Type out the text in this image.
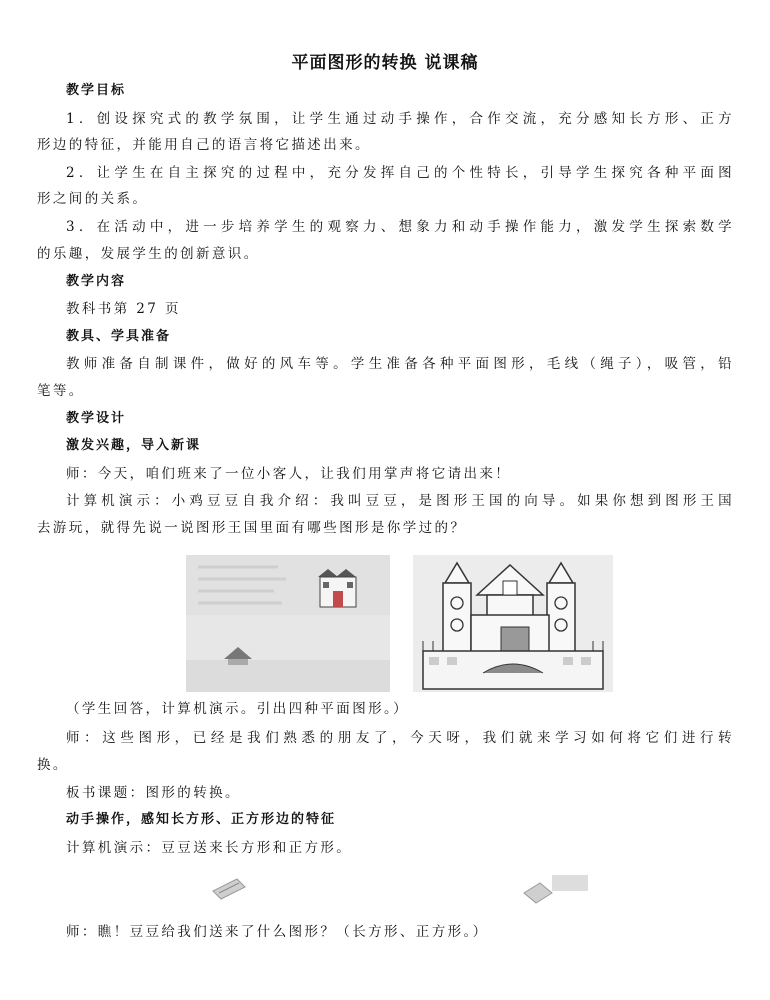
平面图形的转换 说课稿
教学目标
1．创设探究式的教学氛围，让学生通过动手操作，合作交流，充分感知长方形、正方
形边的特征，并能用自己的语言将它描述出来。
2．让学生在自主探究的过程中，充分发挥自己的个性特长，引导学生探究各种平面图
形之间的关系。
3．在活动中，进一步培养学生的观察力、想象力和动手操作能力，激发学生探索数学
的乐趣，发展学生的创新意识。
教学内容
教科书第 27 页
教具、学具准备
教师准备自制课件，做好的风车等。学生准备各种平面图形，毛线（绳子），吸管，铅
笔等。
教学设计
激发兴趣，导入新课
师：今天，咱们班来了一位小客人，让我们用掌声将它请出来！
计算机演示：小鸡豆豆自我介绍：我叫豆豆，是图形王国的向导。如果你想到图形王国
去游玩，就得先说一说图形王国里面有哪些图形是你学过的？
（学生回答，计算机演示。引出四种平面图形。）
师：这些图形，已经是我们熟悉的朋友了，今天呀，我们就来学习如何将它们进行转
换。
板书课题：图形的转换。
动手操作，感知长方形、正方形边的特征
计算机演示：豆豆送来长方形和正方形。
师：瞧！豆豆给我们送来了什么图形？（长方形、正方形。）
